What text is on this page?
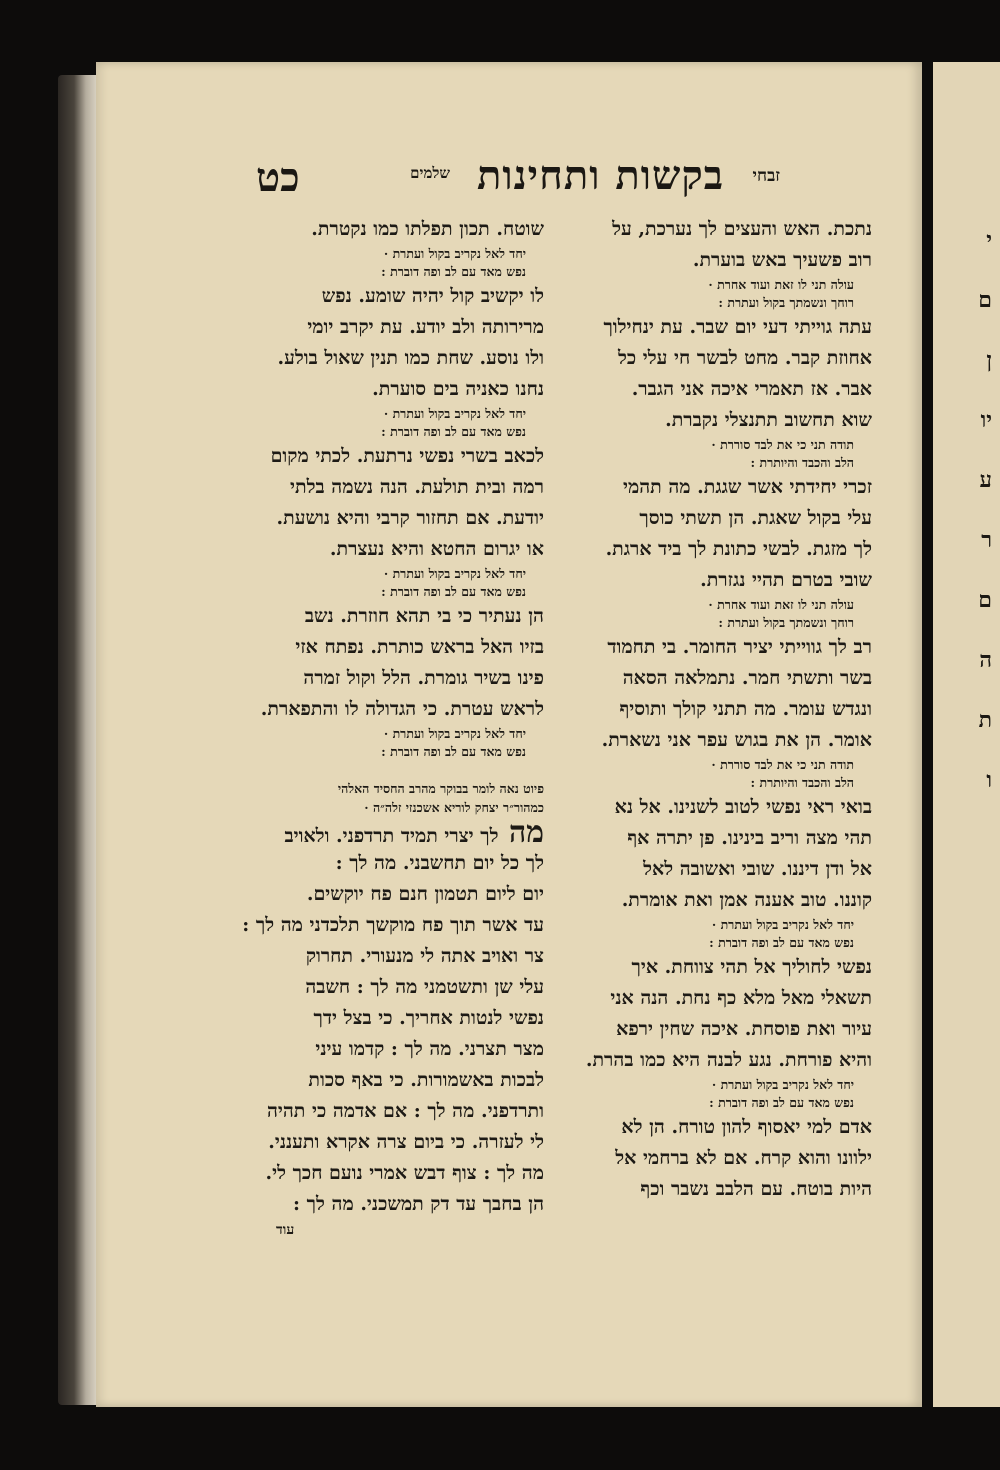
י
ם
ן
יו
ע
ר
ם
ה
ת
ו
זבחי
בקשות ותחינות
שלמים
כט
נתכת. האש והעצים לך נערכת, על
רוב פשעיך באש בוערת.
עולה תני לו זאת ועוד אחרת ·
רוחך ונשמתך בקול ועתרת :
עתה גוייתי דעי יום שבר. עת ינחילוך
אחוזת קבר. מחט לבשר חי עלי כל
אבר. אז תאמרי איכה אני הגבר.
שוא תחשוב תתנצלי נקברת.
תודה תני כי את לבד סוררת ·
הלב והכבד והיותרת :
זכרי יחידתי אשר שגגת. מה תהמי
עלי בקול שאגת. הן תשתי כוסך
לך מזגת. לבשי כתונת לך ביד ארגת.
שובי בטרם תהיי נגזרת.
עולה תני לו זאת ועוד אחרת ·
רוחך ונשמתך בקול ועתרת :
רב לך גווייתי יציר החומר. בי תחמוד
בשר ותשתי חמר. נתמלאה הסאה
ונגדש עומר. מה תתני קולך ותוסיף
אומר. הן את בגוש עפר אני נשארת.
תודה תני כי את לבד סוררת ·
הלב והכבד והיותרת :
בואי ראי נפשי לטוב לשנינו. אל נא
תהי מצה וריב בינינו. פן יתרה אף
אל ודן דיננו. שובי ואשובה לאל
קוננו. טוב אענה אמן ואת אומרת.
יחד לאל נקריב בקול ועתרת ·
נפש מאד עם לב ופה דוברת :
נפשי לחוליך אל תהי צווחת. איך
תשאלי מאל מלא כף נחת. הנה אני
עיור ואת פוסחת. איכה שחין ירפא
והיא פורחת. נגע לבנה היא כמו בהרת.
יחד לאל נקריב בקול ועתרת ·
נפש מאד עם לב ופה דוברת :
אדם למי יאסוף להון טורח. הן לא
ילוונו והוא קרח. אם לא ברחמי אל
היות בוטח. עם הלבב נשבר וכף
שוטח. תכון תפלתו כמו נקטרת.
יחד לאל נקריב בקול ועתרת ·
נפש מאד עם לב ופה דוברת :
לו יקשיב קול יהיה שומע. נפש
מרירותה ולב יודע. עת יקרב יומי
ולו נוסע. שחת כמו תנין שאול בולע.
נחנו כאניה בים סוערת.
יחד לאל נקריב בקול ועתרת ·
נפש מאד עם לב ופה דוברת :
לכאב בשרי נפשי נרתעת. לכתי מקום
רמה ובית תולעת. הנה נשמה בלתי
יודעת. אם תחזור קרבי והיא נושעת.
או יגרום החטא והיא נעצרת.
יחד לאל נקריב בקול ועתרת ·
נפש מאד עם לב ופה דוברת :
הן נעתיר כי בי תהא חוזרת. נשב
בזיו האל בראש כותרת. נפתח אזי
פינו בשיר גומרת. הלל וקול זמרה
לראש עטרת. כי הגדולה לו והתפארת.
יחד לאל נקריב בקול ועתרת ·
נפש מאד עם לב ופה דוברת :
פיוט נאה לומר בבוקר מהרב החסיד האלהי
כמהור״ר יצחק לוריא אשכנזי זלה״ה ·
מה לך יצרי תמיד תרדפני. ולאויב
לך כל יום תחשבני. מה לך :
יום ליום תטמון חנם פח יוקשים.
עד אשר תוך פח מוקשך תלכדני מה לך :
צר ואויב אתה לי מנעורי. תחרוק
עלי שן ותשטמני מה לך : חשבה
נפשי לנטות אחריך. כי בצל ידך
מצר תצרני. מה לך : קדמו עיני
לבכות באשמורות. כי באף סכות
ותרדפני. מה לך : אם אדמה כי תהיה
לי לעזרה. כי ביום צרה אקרא ותענני.
מה לך : צוף דבש אמרי נועם חכך לי.
הן בחבך עד דק תמשכני. מה לך :
עוד
